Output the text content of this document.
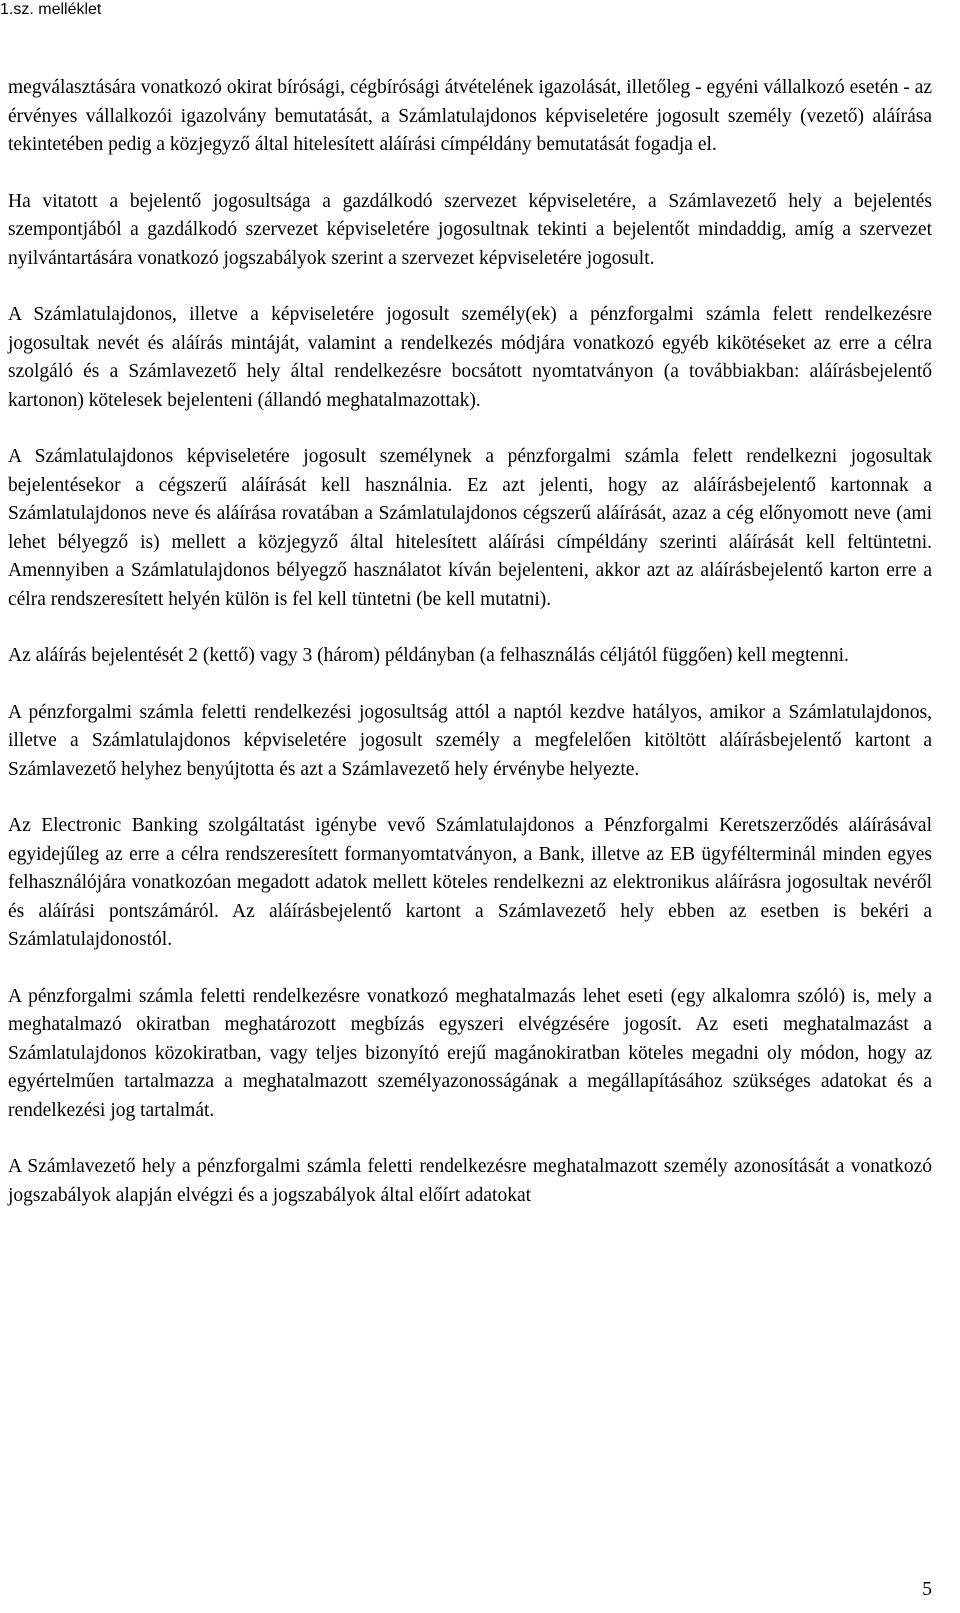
1.sz. melléklet

megválasztására vonatkozó okirat bírósági, cégbírósági átvételének igazolását, illetőleg - egyéni vállalkozó esetén - az érvényes vállalkozói igazolvány bemutatását, a Számlatulajdonos képviseletére jogosult személy (vezető) aláírása tekintetében pedig a közjegyző által hitelesített aláírási címpéldány bemutatását fogadja el.

Ha vitatott a bejelentő jogosultsága a gazdálkodó szervezet képviseletére, a Számlavezető hely a bejelentés szempontjából a gazdálkodó szervezet képviseletére jogosultnak tekinti a bejelentőt mindaddig, amíg a szervezet nyilvántartására vonatkozó jogszabályok szerint a szervezet képviseletére jogosult.

A Számlatulajdonos, illetve a képviseletére jogosult személy(ek) a pénzforgalmi számla felett rendelkezésre jogosultak nevét és aláírás mintáját, valamint a rendelkezés módjára vonatkozó egyéb kikötéseket az erre a célra szolgáló és a Számlavezető hely által rendelkezésre bocsátott nyomtatványon (a továbbiakban: aláírásbejelentő kartonon) kötelesek bejelenteni (állandó meghatalmazottak).

A Számlatulajdonos képviseletére jogosult személynek a pénzforgalmi számla felett rendelkezni jogosultak bejelentésekor a cégszerű aláírását kell használnia. Ez azt jelenti, hogy az aláírásbejelentő kartonnak a Számlatulajdonos neve és aláírása rovatában a Számlatulajdonos cégszerű aláírását, azaz a cég előnyomott neve (ami lehet bélyegző is) mellett a közjegyző által hitelesített aláírási címpéldány szerinti aláírását kell feltüntetni. Amennyiben a Számlatulajdonos bélyegző használatot kíván bejelenteni, akkor azt az aláírásbejelentő karton erre a célra rendszeresített helyén külön is fel kell tüntetni (be kell mutatni).

Az aláírás bejelentését 2 (kettő) vagy 3 (három) példányban (a felhasználás céljától függően) kell megtenni.

A pénzforgalmi számla feletti rendelkezési jogosultság attól a naptól kezdve hatályos, amikor a Számlatulajdonos, illetve a Számlatulajdonos képviseletére jogosult személy a megfelelően kitöltött aláírásbejelentő kartont a Számlavezető helyhez benyújtotta és azt a Számlavezető hely érvénybe helyezte.

Az Electronic Banking szolgáltatást igénybe vevő Számlatulajdonos a Pénzforgalmi Keretszerződés aláírásával egyidejűleg az erre a célra rendszeresített formanyomtatványon, a Bank, illetve az EB ügyfélterminál minden egyes felhasználójára vonatkozóan megadott adatok mellett köteles rendelkezni az elektronikus aláírásra jogosultak nevéről és aláírási pontszámáról. Az aláírásbejelentő kartont a Számlavezető hely ebben az esetben is bekéri a Számlatulajdonostól.

A pénzforgalmi számla feletti rendelkezésre vonatkozó meghatalmazás lehet eseti (egy alkalomra szóló) is, mely a meghatalmazó okiratban meghatározott megbízás egyszeri elvégzésére jogosít. Az eseti meghatalmazást a Számlatulajdonos közokiratban, vagy teljes bizonyító erejű magánokiratban köteles megadni oly módon, hogy az egyértelműen tartalmazza a meghatalmazott személyazonosságának a megállapításához szükséges adatokat és a rendelkezési jog tartalmát.

A Számlavezető hely a pénzforgalmi számla feletti rendelkezésre meghatalmazott személy azonosítását a vonatkozó jogszabályok alapján elvégzi és a jogszabályok által előírt adatokat

5
